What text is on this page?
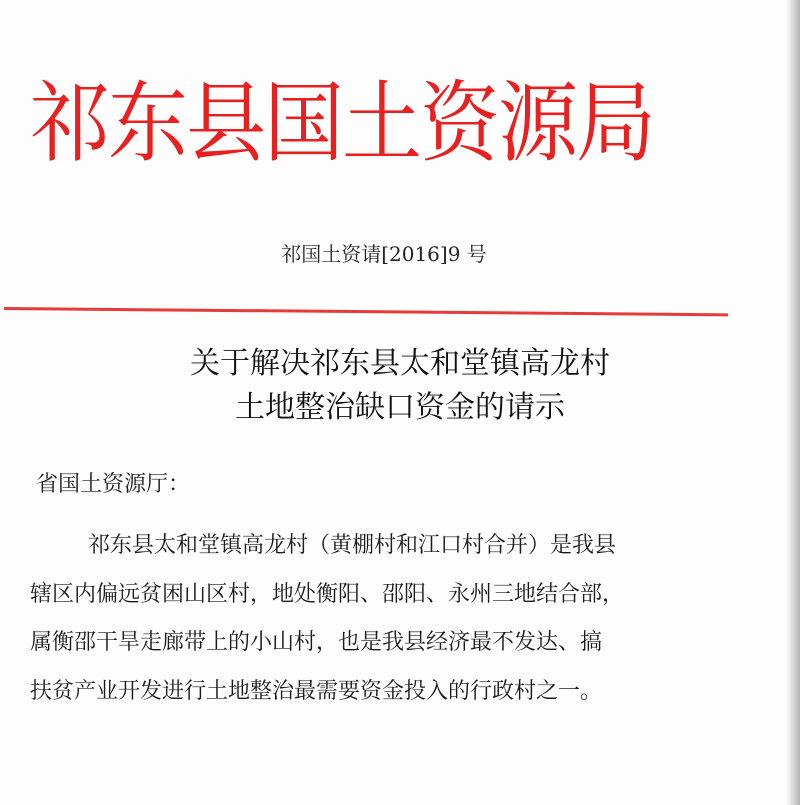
祁东县国土资源局
祁国土资请[2016]9 号
关于解决祁东县太和堂镇高龙村
土地整治缺口资金的请示
省国土资源厅：
祁东县太和堂镇高龙村（黄棚村和江口村合并）是我县
辖区内偏远贫困山区村，地处衡阳、邵阳、永州三地结合部，
属衡邵干旱走廊带上的小山村，也是我县经济最不发达、搞
扶贫产业开发进行土地整治最需要资金投入的行政村之一。
